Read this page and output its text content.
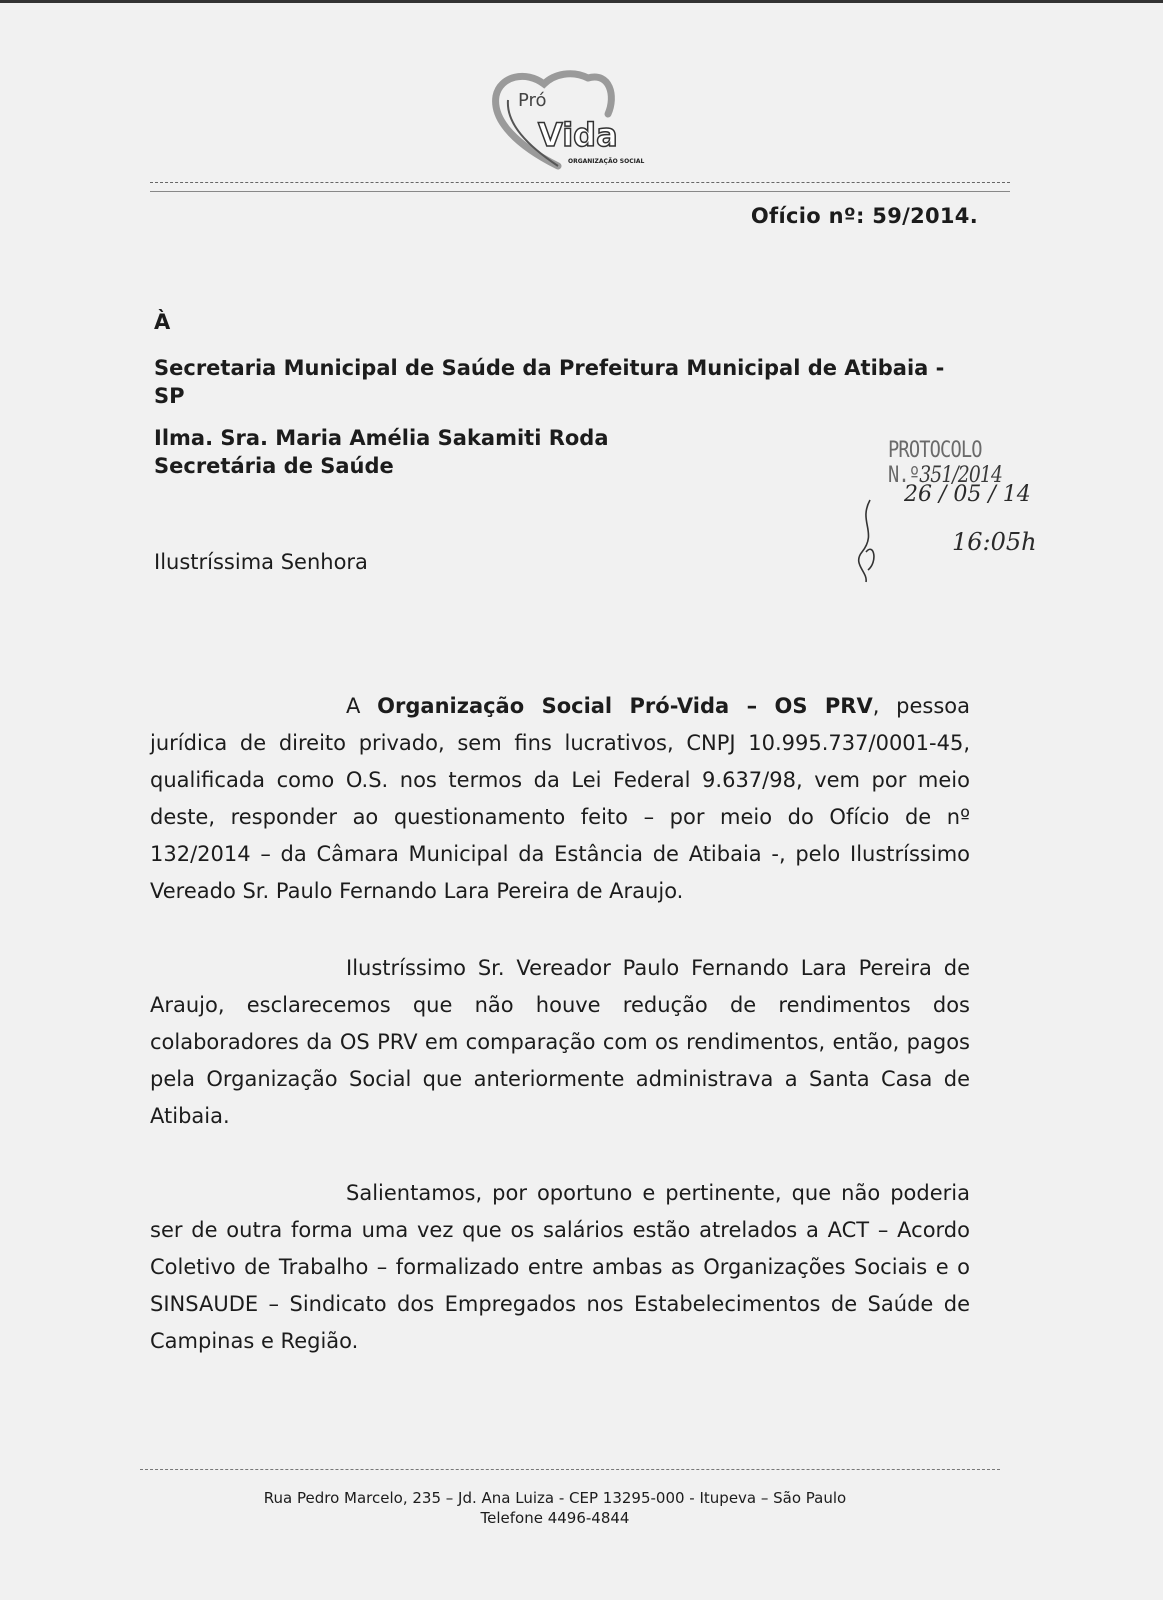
Pró
Vida
ORGANIZAÇÃO SOCIAL
Ofício nº: 59/2014.
À
Secretaria Municipal de Saúde da Prefeitura Municipal de Atibaia -
SP
Ilma. Sra. Maria Amélia Sakamiti Roda
Secretária de Saúde
PROTOCOLO N.º351/2014
26 / 05 / 14
16:05h
Ilustríssima Senhora
A Organização Social Pró-Vida – OS PRV, pessoa jurídica de direito privado, sem fins lucrativos, CNPJ 10.995.737/0001-45, qualificada como O.S. nos termos da Lei Federal 9.637/98, vem por meio deste, responder ao questionamento feito – por meio do Ofício de nº 132/2014 – da Câmara Municipal da Estância de Atibaia -, pelo Ilustríssimo Vereado Sr. Paulo Fernando Lara Pereira de Araujo.
Ilustríssimo Sr. Vereador Paulo Fernando Lara Pereira de Araujo, esclarecemos que não houve redução de rendimentos dos colaboradores da OS PRV em comparação com os rendimentos, então, pagos pela Organização Social que anteriormente administrava a Santa Casa de Atibaia.
Salientamos, por oportuno e pertinente, que não poderia ser de outra forma uma vez que os salários estão atrelados a ACT – Acordo Coletivo de Trabalho – formalizado entre ambas as Organizações Sociais e o SINSAUDE – Sindicato dos Empregados nos Estabelecimentos de Saúde de Campinas e Região.
Rua Pedro Marcelo, 235 – Jd. Ana Luiza - CEP 13295-000 - Itupeva – São Paulo
Telefone 4496-4844
